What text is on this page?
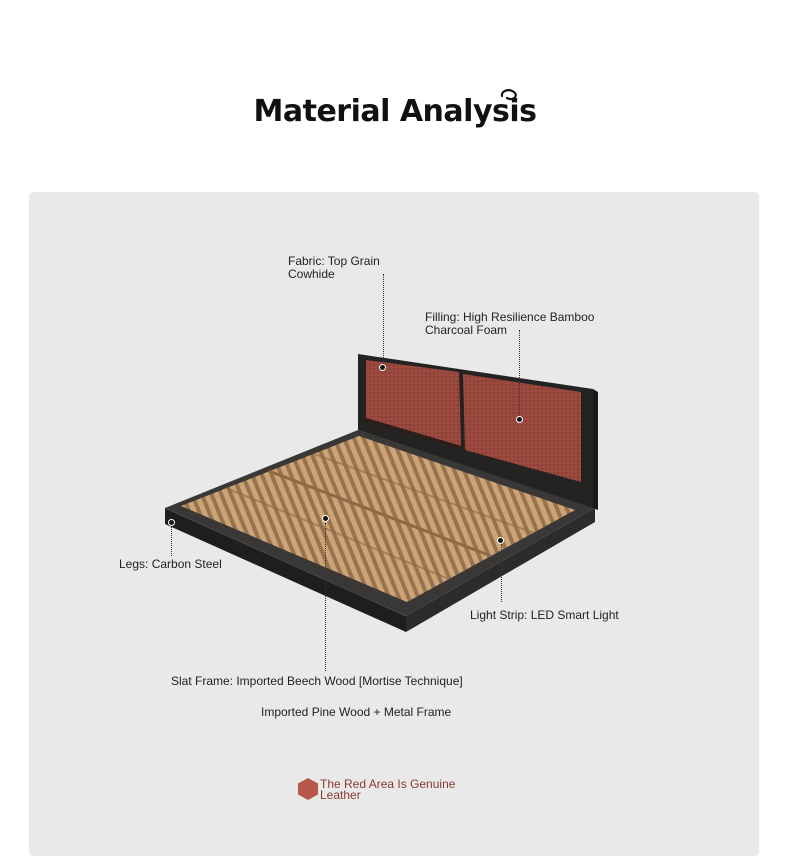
Material Analysis
Fabric: Top Grain Cowhide
Filling: High Resilience Bamboo Charcoal Foam
Legs: Carbon Steel
Slat Frame: Imported Beech Wood [Mortise Technique]
Imported Pine Wood + Metal Frame
Light Strip: LED Smart Light
The Red Area Is Genuine Leather
